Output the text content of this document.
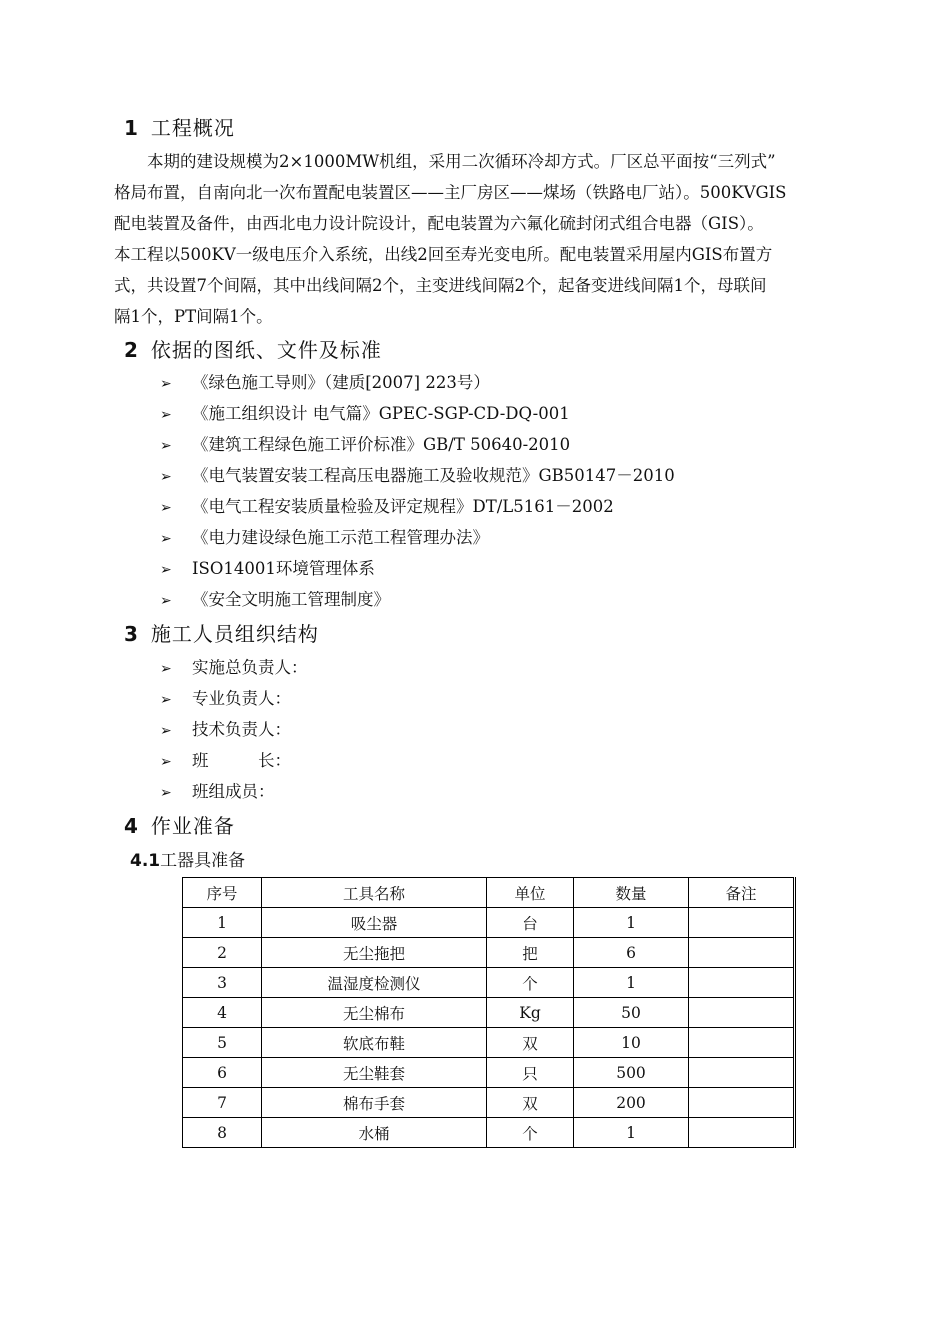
1 工程概况
　　本期的建设规模为2×1000MW机组，采用二次循环冷却方式。厂区总平面按“三列式”
格局布置，自南向北一次布置配电装置区——主厂房区——煤场（铁路电厂站）。500KVGIS
配电装置及备件，由西北电力设计院设计，配电装置为六氟化硫封闭式组合电器（GIS）。
本工程以500KV一级电压介入系统，出线2回至寿光变电所。配电装置采用屋内GIS布置方
式，共设置7个间隔，其中出线间隔2个，主变进线间隔2个，起备变进线间隔1个，母联间
隔1个，PT间隔1个。
2 依据的图纸、文件及标准
➢ 《绿色施工导则》（建质[2007] 223号）
➢ 《施工组织设计 电气篇》GPEC-SGP-CD-DQ-001
➢ 《建筑工程绿色施工评价标准》GB/T 50640-2010
➢ 《电气装置安装工程高压电器施工及验收规范》GB50147－2010
➢ 《电气工程安装质量检验及评定规程》DT/L5161－2002
➢ 《电力建设绿色施工示范工程管理办法》
➢ ISO14001环境管理体系
➢ 《安全文明施工管理制度》
3 施工人员组织结构
➢ 实施总负责人：
➢ 专业负责人：
➢ 技术负责人：
➢ 班　　　长：
➢ 班组成员：
4 作业准备
4.1工器具准备
序号	工具名称	单位	数量	备注
1	吸尘器	台	1	
2	无尘拖把	把	6	
3	温湿度检测仪	个	1	
4	无尘棉布	Kg	50	
5	软底布鞋	双	10	
6	无尘鞋套	只	500	
7	棉布手套	双	200	
8	水桶	个	1	
